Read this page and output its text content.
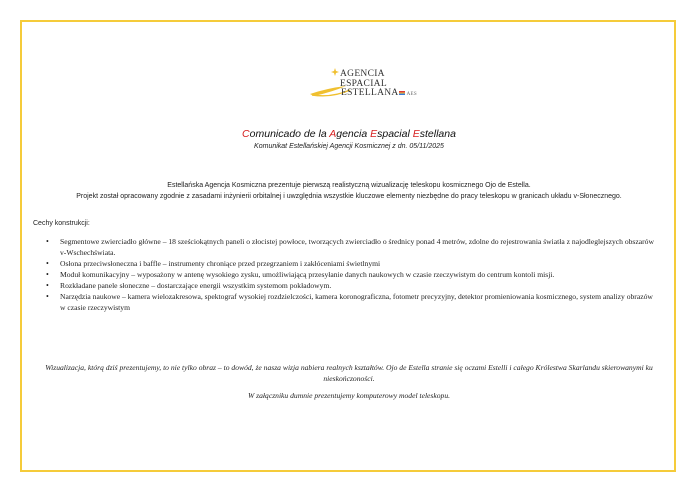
AGENCIA
ESPACIAL
ESTELLANA AES
Comunicado de la Agencia Espacial Estellana
Komunikat Estellańskiej Agencji Kosmicznej z dn. 05/11/2025
Estellańska Agencja Kosmiczna prezentuje pierwszą realistyczną wizualizację teleskopu kosmicznego Ojo de Estella.
Projekt został opracowany zgodnie z zasadami inżynierii orbitalnej i uwzględnia wszystkie kluczowe elementy niezbędne do pracy teleskopu w granicach układu v-Słonecznego.
Cechy konstrukcji:
• Segmentowe zwierciadło główne – 18 sześciokątnych paneli o złocistej powłoce, tworzących zwierciadło o średnicy ponad 4 metrów, zdolne do rejestrowania światła z najodleglejszych obszarów v-Wschechświata.
• Osłona przeciwsłoneczna i baffle – instrumenty chroniące przed przegrzaniem i zakłóceniami świetlnymi
• Moduł komunikacyjny – wyposażony w antenę wysokiego zysku, umożliwiającą przesyłanie danych naukowych w czasie rzeczywistym do centrum kontoli misji.
• Rozkładane panele słoneczne – dostarczające energii wszystkim systemom pokładowym.
• Narzędzia naukowe – kamera wielozakresowa, spektograf wysokiej rozdzielczości, kamera koronograficzna, fotometr precyzyjny, detektor promieniowania kosmicznego, system analizy obrazów w czasie rzeczywistym
Wizualizacja, którą dziś prezentujemy, to nie tylko obraz – to dowód, że nasza wizja nabiera realnych kształtów. Ojo de Estella stranie się oczami Estelli i całego Królestwa Skarlandu skierowanymi ku nieskończoności.
W załączniku dumnie prezentujemy komputerowy model teleskopu.
